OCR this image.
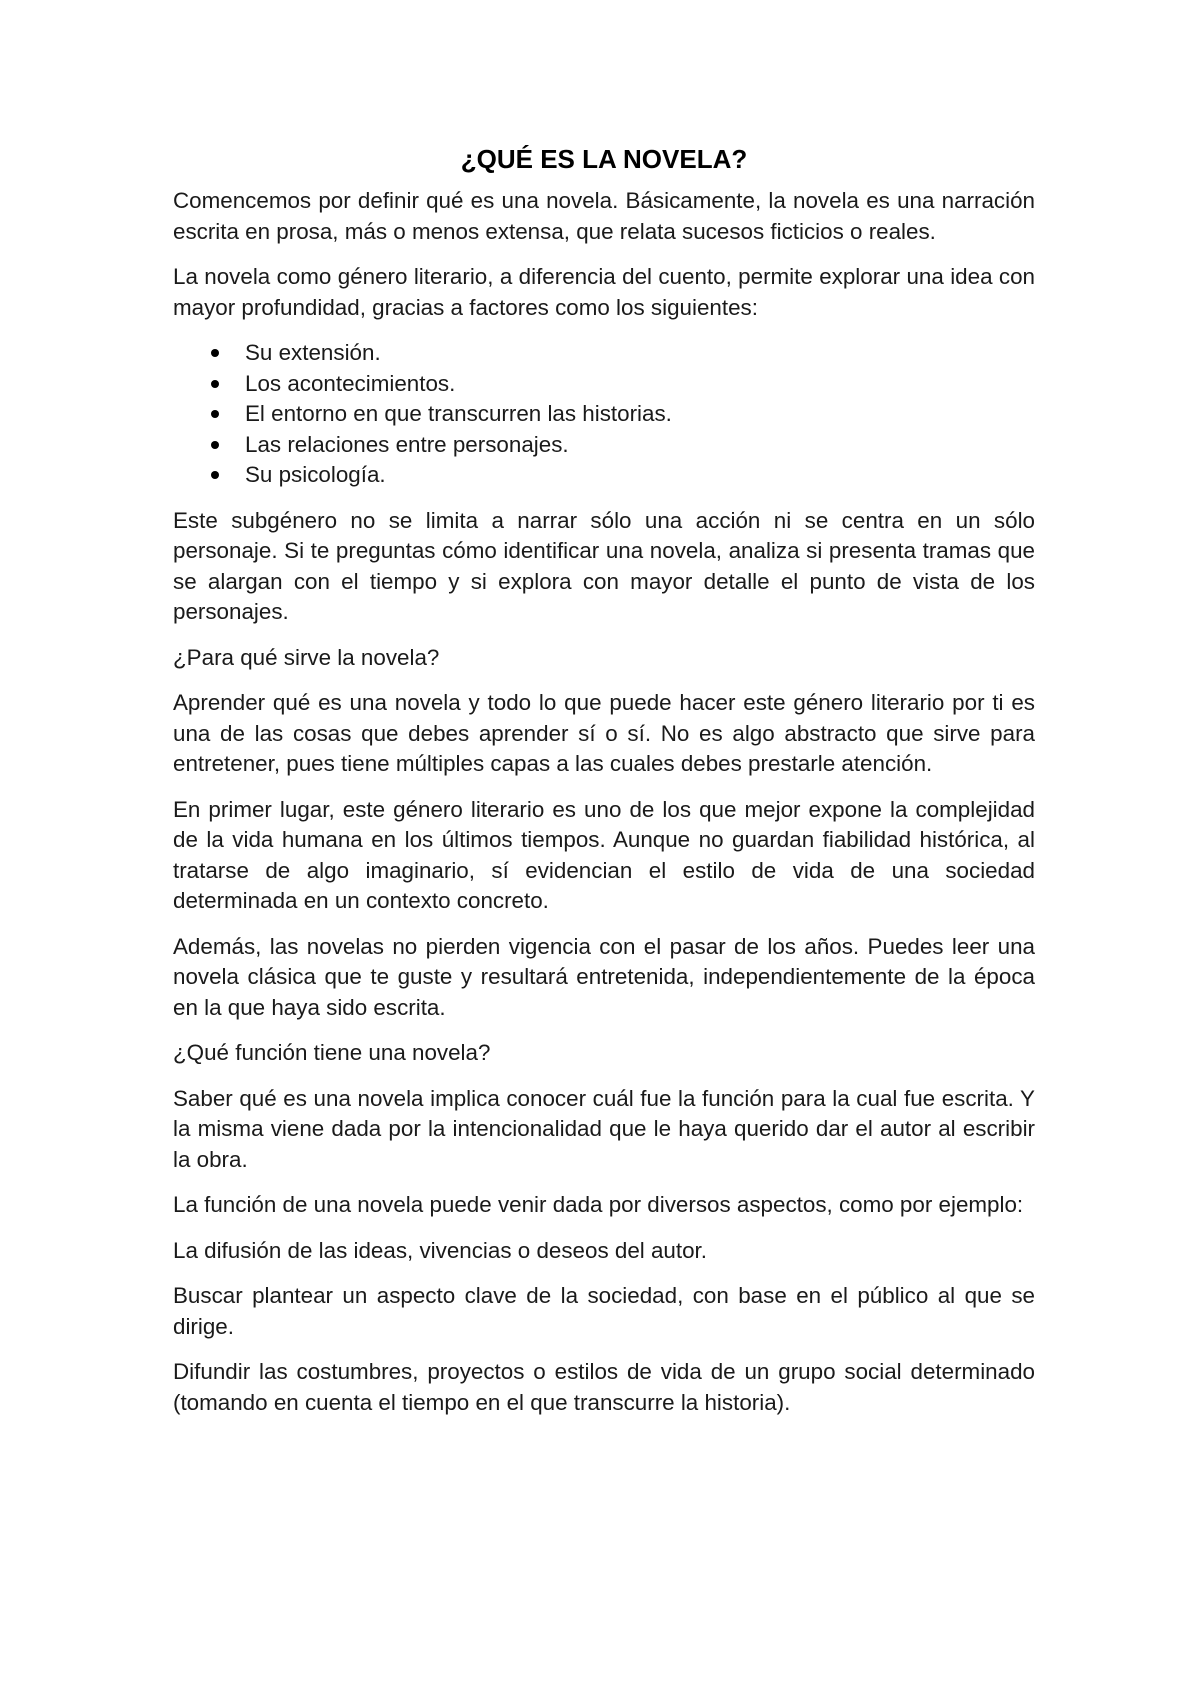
¿QUÉ ES LA NOVELA?

Comencemos por definir qué es una novela. Básicamente, la novela es una narración escrita en prosa, más o menos extensa, que relata sucesos ficticios o reales.

La novela como género literario, a diferencia del cuento, permite explorar una idea con mayor profundidad, gracias a factores como los siguientes:

Su extensión.
Los acontecimientos.
El entorno en que transcurren las historias.
Las relaciones entre personajes.
Su psicología.

Este subgénero no se limita a narrar sólo una acción ni se centra en un sólo personaje. Si te preguntas cómo identificar una novela, analiza si presenta tramas que se alargan con el tiempo y si explora con mayor detalle el punto de vista de los personajes.

¿Para qué sirve la novela?

Aprender qué es una novela y todo lo que puede hacer este género literario por ti es una de las cosas que debes aprender sí o sí. No es algo abstracto que sirve para entretener, pues tiene múltiples capas a las cuales debes prestarle atención.

En primer lugar, este género literario es uno de los que mejor expone la complejidad de la vida humana en los últimos tiempos. Aunque no guardan fiabilidad histórica, al tratarse de algo imaginario, sí evidencian el estilo de vida de una sociedad determinada en un contexto concreto.

Además, las novelas no pierden vigencia con el pasar de los años. Puedes leer una novela clásica que te guste y resultará entretenida, independientemente de la época en la que haya sido escrita.

¿Qué función tiene una novela?

Saber qué es una novela implica conocer cuál fue la función para la cual fue escrita. Y la misma viene dada por la intencionalidad que le haya querido dar el autor al escribir la obra.

La función de una novela puede venir dada por diversos aspectos, como por ejemplo:

La difusión de las ideas, vivencias o deseos del autor.

Buscar plantear un aspecto clave de la sociedad, con base en el público al que se dirige.

Difundir las costumbres, proyectos o estilos de vida de un grupo social determinado (tomando en cuenta el tiempo en el que transcurre la historia).
